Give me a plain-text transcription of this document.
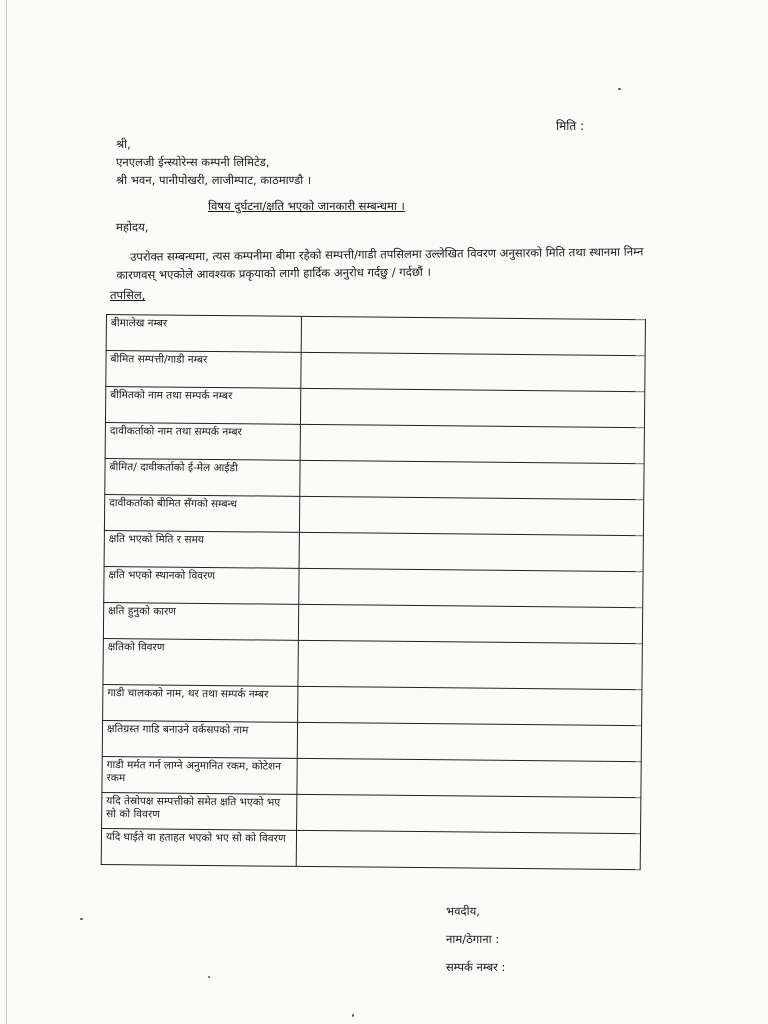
मिति :
श्री,
एनएलजी ईन्स्योरेन्स कम्पनी लिमिटेड,
श्री भवन, पानीपोखरी, लाजीम्पाट, काठमाण्डौ ।
विषय दुर्घटना/क्षति भएको जानकारी सम्बन्धमा ।
महोदय,

उपरोक्त सम्बन्धमा, त्यस कम्पनीमा बीमा रहेको सम्पत्ती/गाडी तपसिलमा उल्लेखित विवरण अनुसारको मिति तथा स्थानमा निम्न कारणवस् भएकोले आवश्यक प्रकृयाको लागी हार्दिक अनुरोध गर्दछु / गर्दछौं ।

तपसिल,
बीमालेख नम्बर	
बीमित सम्पत्ती/गाडी नम्बर	
बीमितको नाम तथा सम्पर्क नम्बर	
दावीकर्ताको नाम तथा सम्पर्क नम्बर	
बीमित/ दावीकर्ताको ई-मेल आईडी	
दावीकर्ताको बीमित सँगको सम्बन्ध	
क्षति भएको मिति र समय	
क्षति भएको स्थानको विवरण	
क्षति हुनुको कारण	
क्षतिको विवरण	
गाडी चालकको नाम, थर तथा सम्पर्क नम्बर	
क्षतिग्रस्त गाडि बनाउने वर्कसपको नाम	
गाडी मर्मत गर्न लाग्ने अनुमानित रकम, कोटेशन रकम	
यदि तेस्रोपक्ष सम्पत्तीको समेत क्षति भएको भए सो को विवरण	
यदि घाईते वा हताहत भएको भए सो को विवरण	
भवदीय,
नाम/ठेगाना :
सम्पर्क नम्बर :
